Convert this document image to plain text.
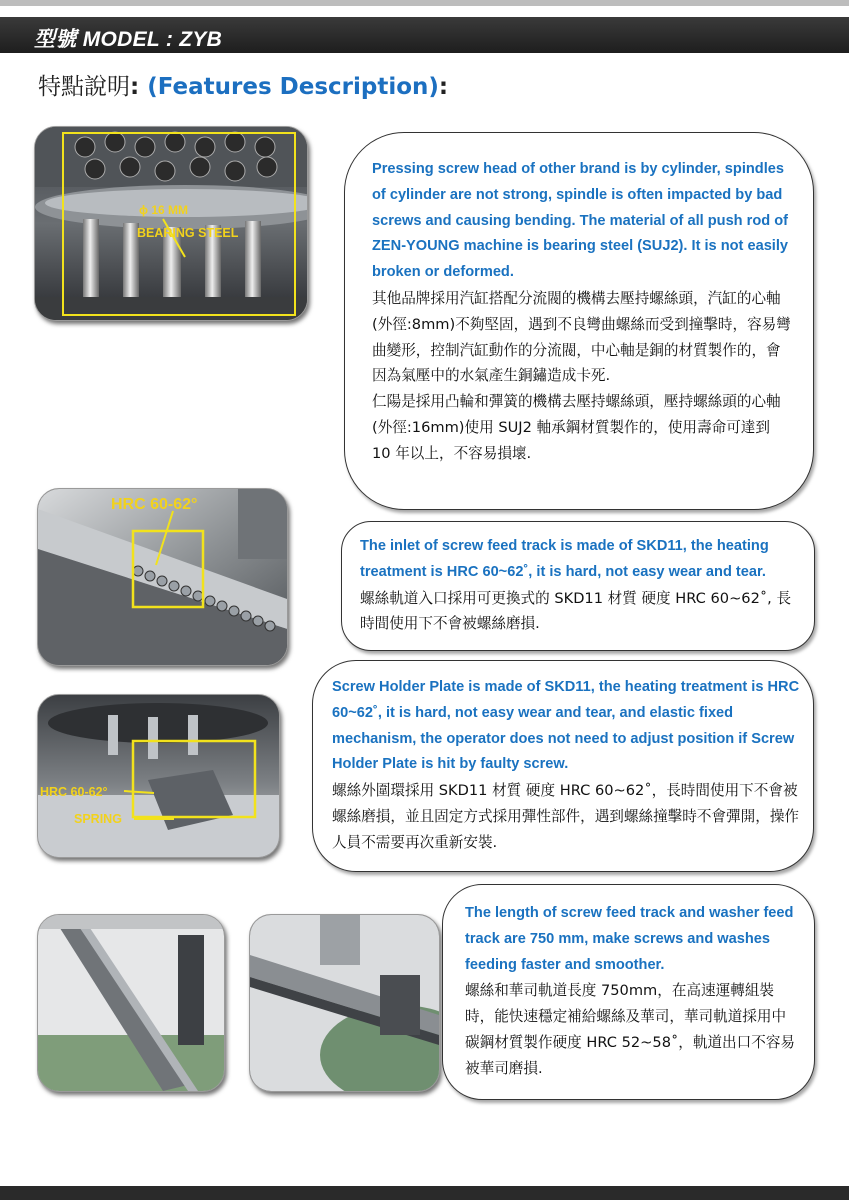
型號 MODEL : ZYB
特點說明: (Features Description):
ϕ 16 MM
BEARING STEEL
Pressing screw head of other brand is by cylinder, spindles of cylinder are not strong, spindle is often impacted by bad screws and causing bending. The material of all push rod of ZEN-YOUNG machine is bearing steel (SUJ2). It is not easily broken or deformed.
其他品牌採用汽缸搭配分流閥的機構去壓持螺絲頭，汽缸的心軸(外徑:8mm)不夠堅固，遇到不良彎曲螺絲而受到撞擊時，容易彎曲變形，控制汽缸動作的分流閥，中心軸是銅的材質製作的，會因為氣壓中的水氣產生銅鏽造成卡死.
仁陽是採用凸輪和彈簧的機構去壓持螺絲頭，壓持螺絲頭的心軸 (外徑:16mm)使用 SUJ2 軸承鋼材質製作的，使用壽命可達到 10 年以上，不容易損壞.
HRC 60-62°
The inlet of screw feed track is made of SKD11, the heating treatment is HRC 60~62˚, it is hard, not easy wear and tear.
螺絲軌道入口採用可更換式的 SKD11 材質 硬度 HRC 60~62˚, 長時間使用下不會被螺絲磨損.
HRC 60-62°
SPRING
Screw Holder Plate is made of SKD11, the heating treatment is HRC 60~62˚, it is hard, not easy wear and tear, and elastic fixed mechanism, the operator does not need to adjust position if Screw Holder Plate is hit by faulty screw.
螺絲外圍環採用 SKD11 材質 硬度 HRC 60~62˚，長時間使用下不會被螺絲磨損，並且固定方式採用彈性部件，遇到螺絲撞擊時不會彈開，操作人員不需要再次重新安裝.
The length of screw feed track and washer feed track are 750 mm, make screws and washes feeding faster and smoother.
螺絲和華司軌道長度 750mm，在高速運轉組裝時，能快速穩定補給螺絲及華司，華司軌道採用中碳鋼材質製作硬度 HRC 52~58˚，軌道出口不容易被華司磨損.
